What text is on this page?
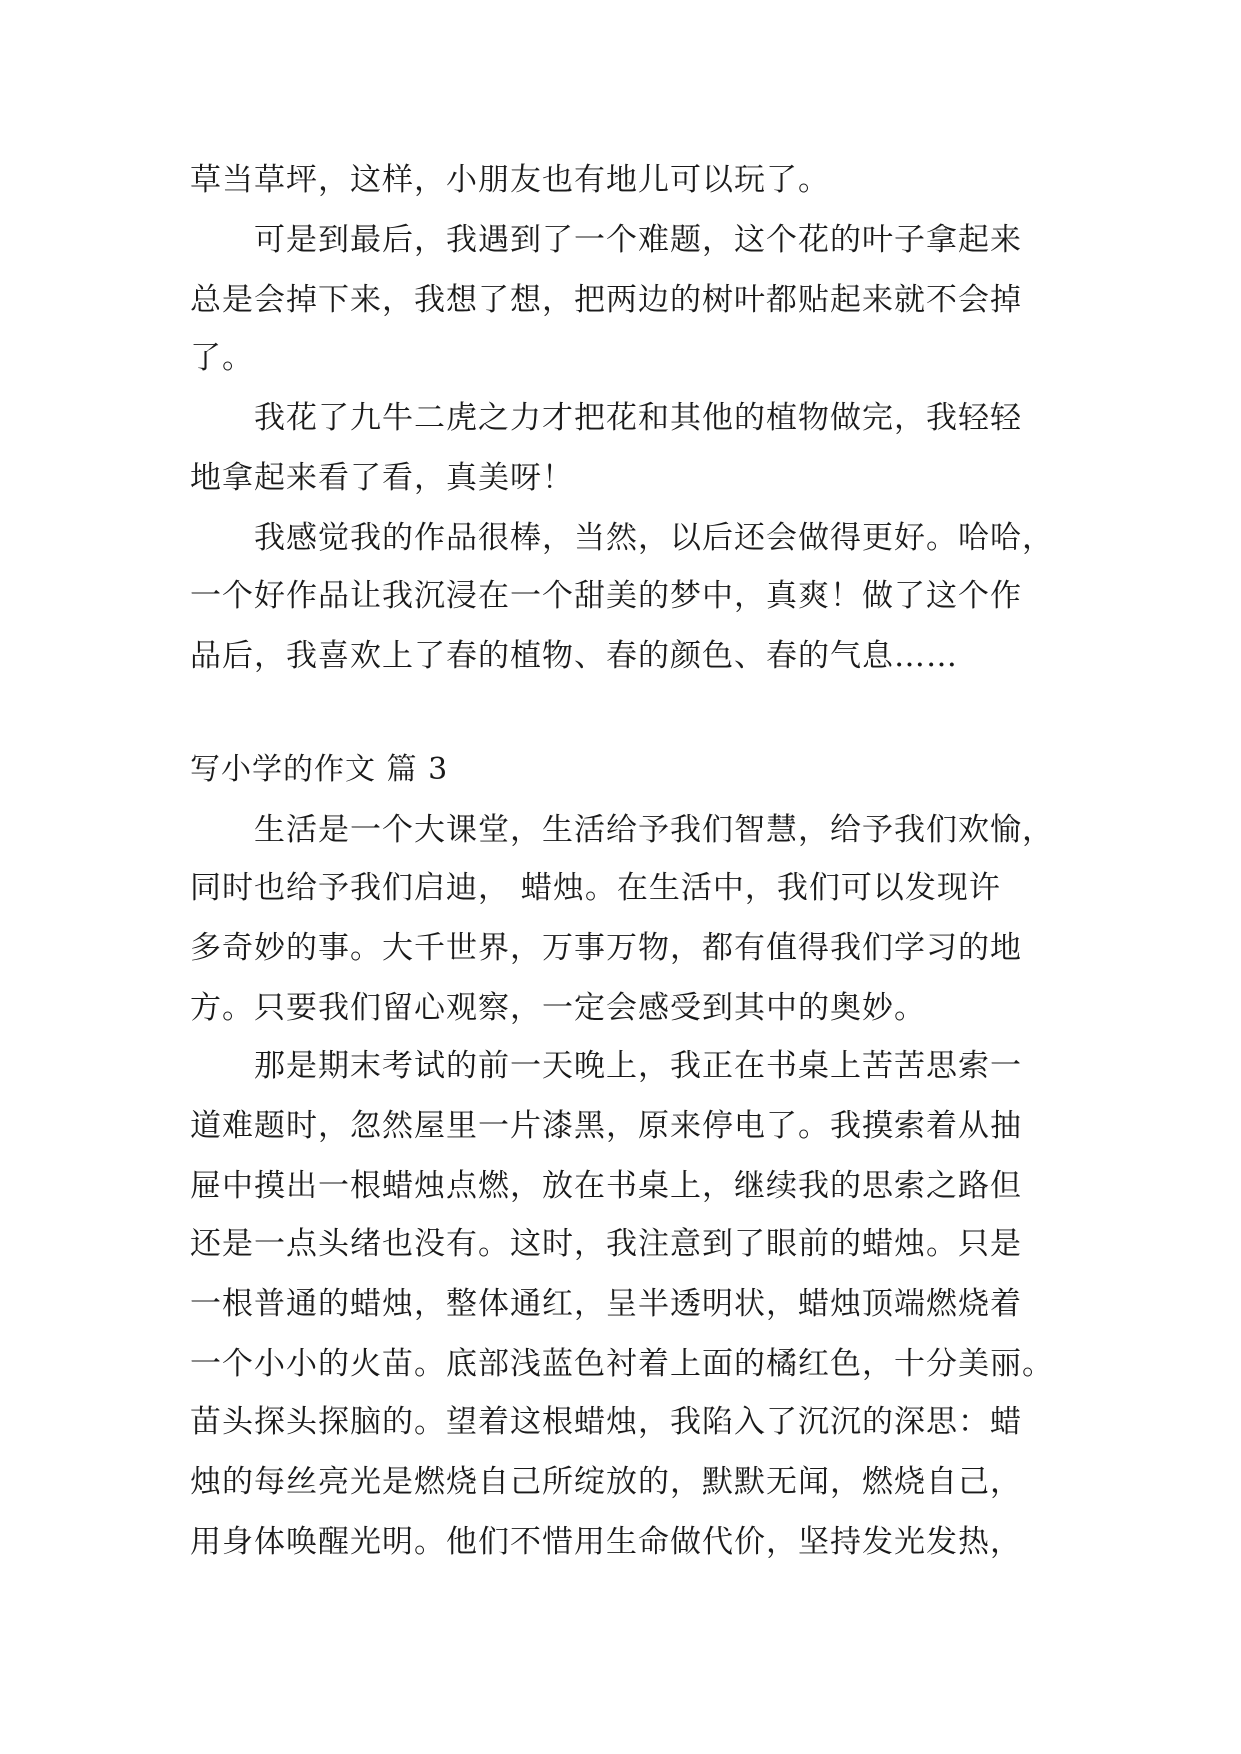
草当草坪，这样，小朋友也有地儿可以玩了。
可是到最后，我遇到了一个难题，这个花的叶子拿起来
总是会掉下来，我想了想，把两边的树叶都贴起来就不会掉
了。
我花了九牛二虎之力才把花和其他的植物做完，我轻轻
地拿起来看了看，真美呀！
我感觉我的作品很棒，当然，以后还会做得更好。哈哈，
一个好作品让我沉浸在一个甜美的梦中，真爽！做了这个作
品后，我喜欢上了春的植物、春的颜色、春的气息……
写小学的作文 篇 3
生活是一个大课堂，生活给予我们智慧，给予我们欢愉，
同时也给予我们启迪， 蜡烛。在生活中，我们可以发现许
多奇妙的事。大千世界，万事万物，都有值得我们学习的地
方。只要我们留心观察，一定会感受到其中的奥妙。
那是期末考试的前一天晚上，我正在书桌上苦苦思索一
道难题时，忽然屋里一片漆黑，原来停电了。我摸索着从抽
屉中摸出一根蜡烛点燃，放在书桌上，继续我的思索之路但
还是一点头绪也没有。这时，我注意到了眼前的蜡烛。只是
一根普通的蜡烛，整体通红，呈半透明状，蜡烛顶端燃烧着
一个小小的火苗。底部浅蓝色衬着上面的橘红色，十分美丽。
苗头探头探脑的。望着这根蜡烛，我陷入了沉沉的深思：蜡
烛的每丝亮光是燃烧自己所绽放的，默默无闻，燃烧自己，
用身体唤醒光明。他们不惜用生命做代价，坚持发光发热，
